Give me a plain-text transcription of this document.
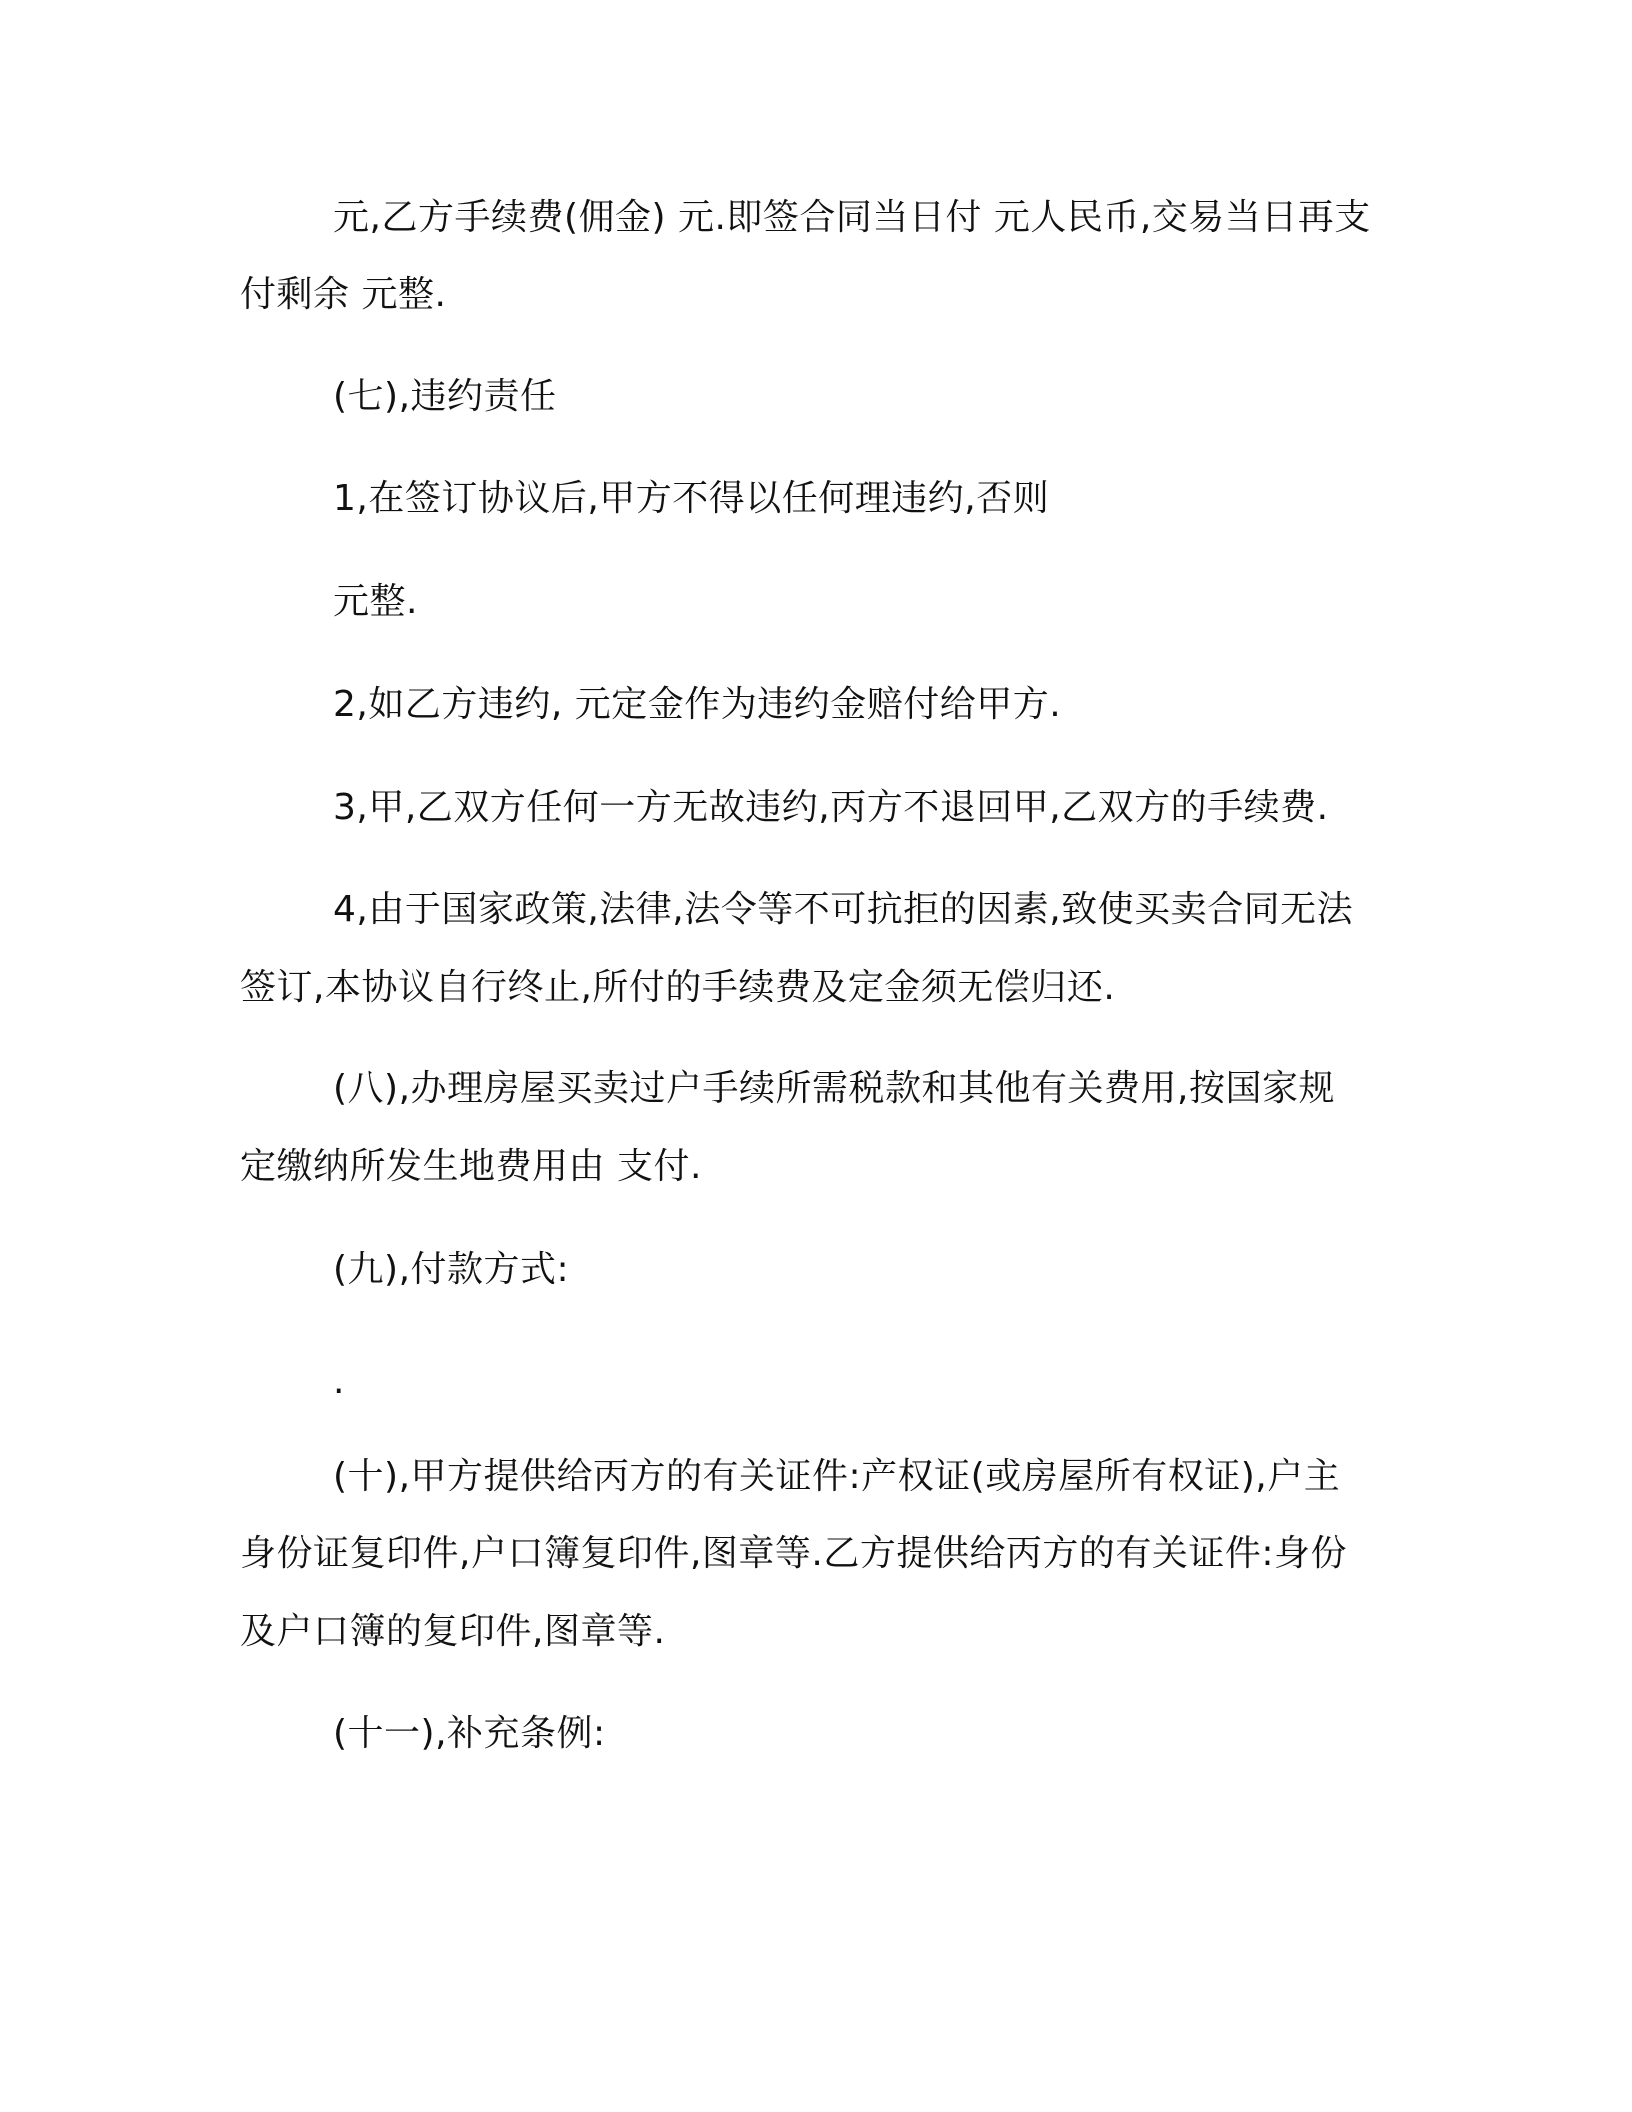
元,乙方手续费(佣金) 元.即签合同当日付 元人民币,交易当日再支
付剩余 元整.
(七),违约责任
1,在签订协议后,甲方不得以任何理违约,否则
元整.
2,如乙方违约, 元定金作为违约金赔付给甲方.
3,甲,乙双方任何一方无故违约,丙方不退回甲,乙双方的手续费.
4,由于国家政策,法律,法令等不可抗拒的因素,致使买卖合同无法
签订,本协议自行终止,所付的手续费及定金须无偿归还.
(八),办理房屋买卖过户手续所需税款和其他有关费用,按国家规
定缴纳所发生地费用由 支付.
(九),付款方式:
.
(十),甲方提供给丙方的有关证件:产权证(或房屋所有权证),户主
身份证复印件,户口簿复印件,图章等.乙方提供给丙方的有关证件:身份
及户口簿的复印件,图章等.
(十一),补充条例:
